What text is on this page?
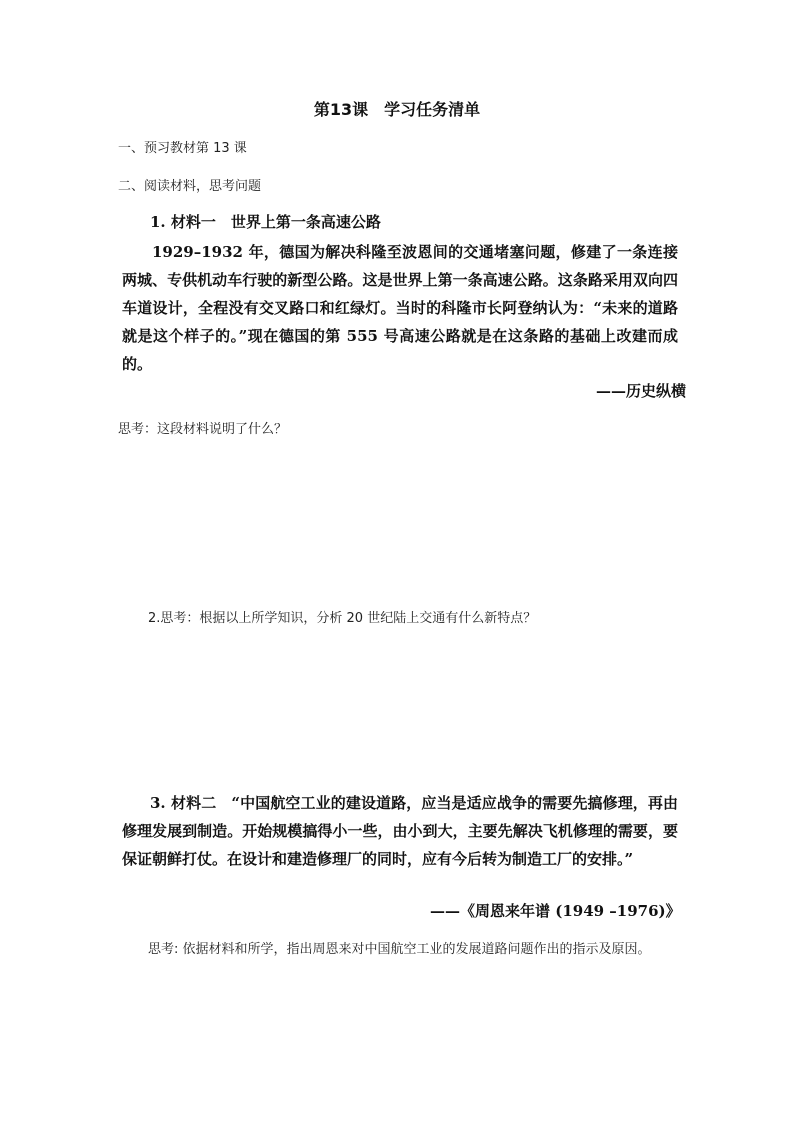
第13课　学习任务清单
一、预习教材第 13 课
二、阅读材料，思考问题
1. 材料一　世界上第一条高速公路
1929–1932 年，德国为解决科隆至波恩间的交通堵塞问题，修建了一条连接两城、专供机动车行驶的新型公路。这是世界上第一条高速公路。这条路采用双向四车道设计，全程没有交叉路口和红绿灯。当时的科隆市长阿登纳认为：“未来的道路就是这个样子的。”现在德国的第 555 号高速公路就是在这条路的基础上改建而成的。
——历史纵横
思考：这段材料说明了什么？
2.思考：根据以上所学知识，分析 20 世纪陆上交通有什么新特点？
3. 材料二　“中国航空工业的建设道路，应当是适应战争的需要先搞修理，再由修理发展到制造。开始规模搞得小一些，由小到大，主要先解决飞机修理的需要，要保证朝鲜打仗。在设计和建造修理厂的同时，应有今后转为制造工厂的安排。”
——《周恩来年谱 (1949 –1976)》
思考: 依据材料和所学，指出周恩来对中国航空工业的发展道路问题作出的指示及原因。
